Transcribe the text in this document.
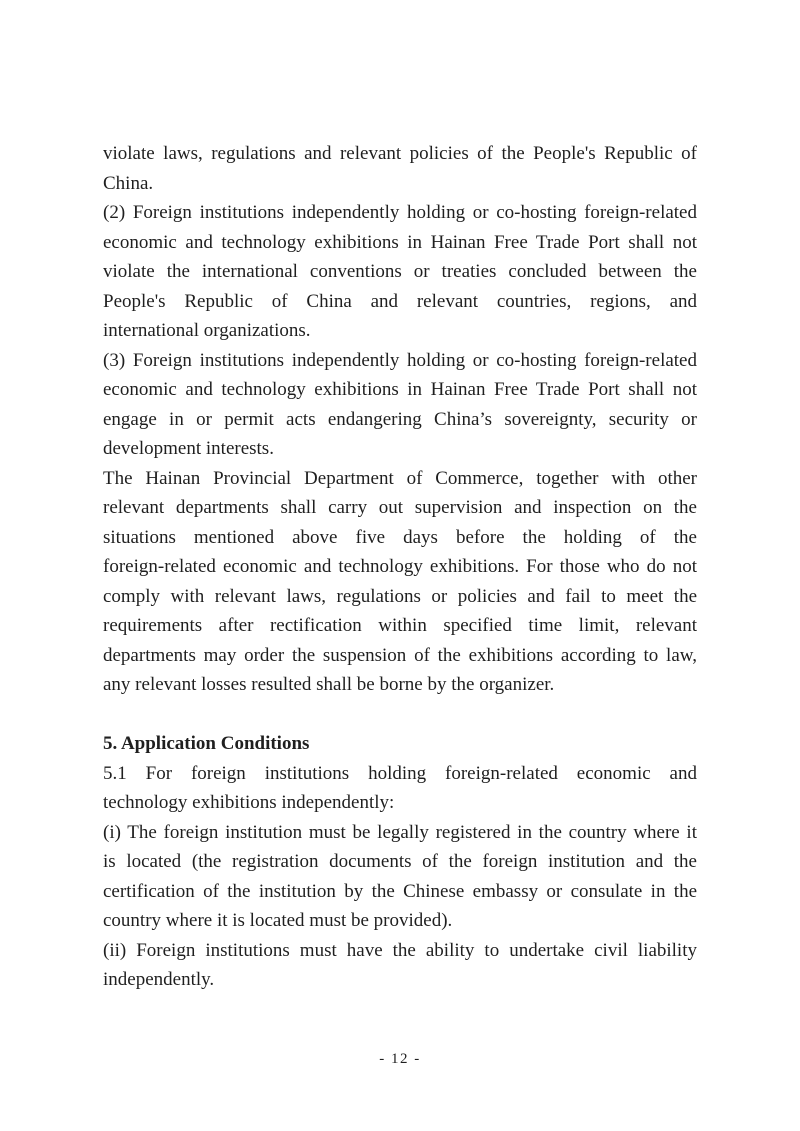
violate laws, regulations and relevant policies of the People's Republic of
China.
(2) Foreign institutions independently holding or co-hosting foreign-related
economic and technology exhibitions in Hainan Free Trade Port shall not
violate the international conventions or treaties concluded between the
People's Republic of China and relevant countries, regions, and
international organizations.
(3) Foreign institutions independently holding or co-hosting foreign-related
economic and technology exhibitions in Hainan Free Trade Port shall not
engage in or permit acts endangering China’s sovereignty, security or
development interests.
The Hainan Provincial Department of Commerce, together with other
relevant departments shall carry out supervision and inspection on the
situations mentioned above five days before the holding of the
foreign-related economic and technology exhibitions. For those who do not
comply with relevant laws, regulations or policies and fail to meet the
requirements after rectification within specified time limit, relevant
departments may order the suspension of the exhibitions according to law,
any relevant losses resulted shall be borne by the organizer.
5. Application Conditions
5.1 For foreign institutions holding foreign-related economic and
technology exhibitions independently:
(i) The foreign institution must be legally registered in the country where it
is located (the registration documents of the foreign institution and the
certification of the institution by the Chinese embassy or consulate in the
country where it is located must be provided).
(ii) Foreign institutions must have the ability to undertake civil liability
independently.
- 12 -
